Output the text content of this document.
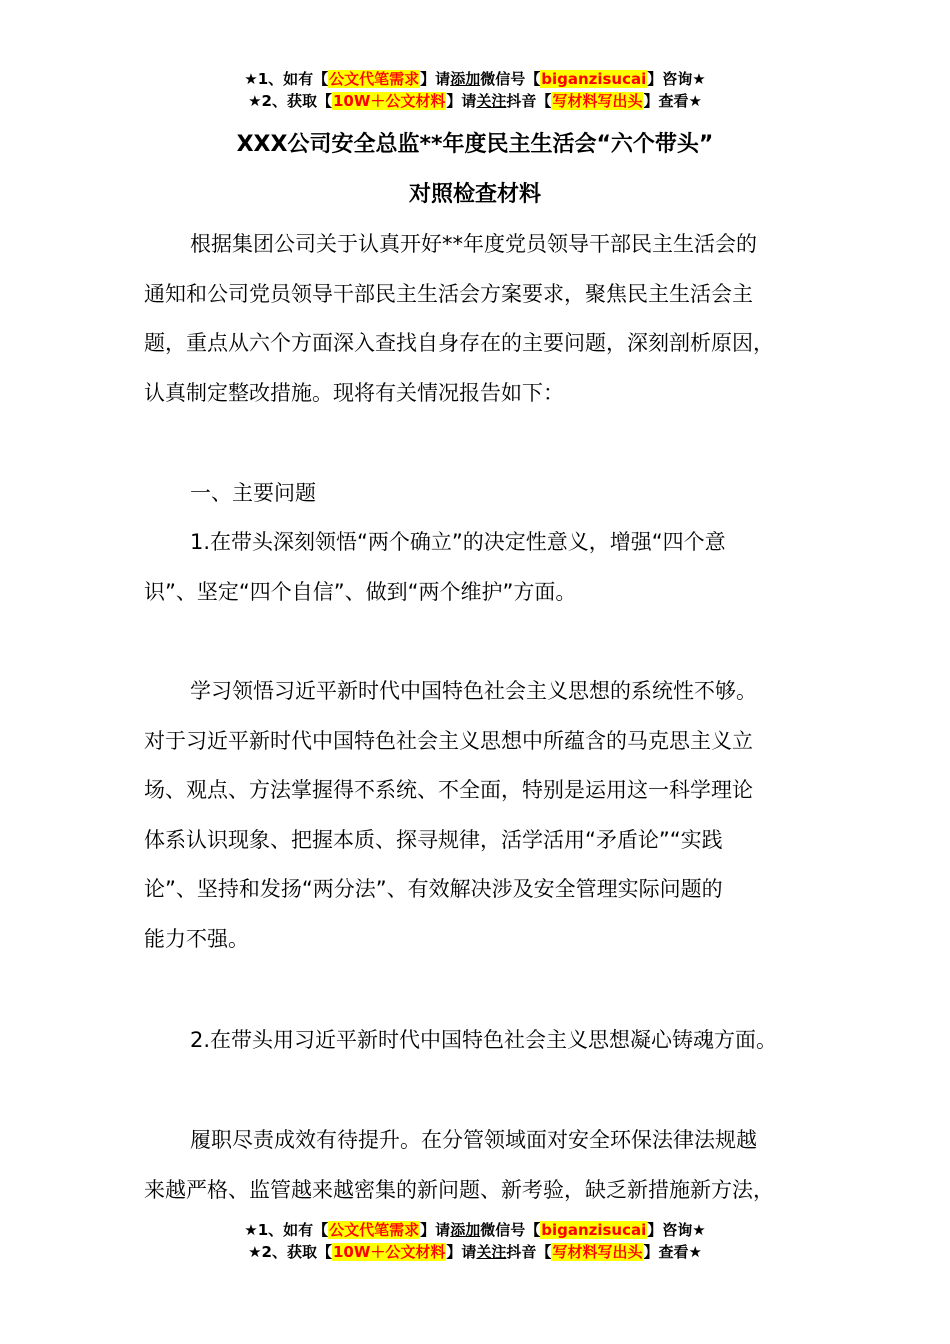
★1、如有【公文代笔需求】请添加微信号【biganzisucai】咨询★
★2、获取【10W＋公文材料】请关注抖音【写材料写出头】查看★
XXX公司安全总监**年度民主生活会“六个带头”
对照检查材料

根据集团公司关于认真开好**年度党员领导干部民主生活会的
通知和公司党员领导干部民主生活会方案要求，聚焦民主生活会主
题，重点从六个方面深入查找自身存在的主要问题，深刻剖析原因，
认真制定整改措施。现将有关情况报告如下：

一、主要问题

1.在带头深刻领悟“两个确立”的决定性意义，增强“四个意
识”、坚定“四个自信”、做到“两个维护”方面。

学习领悟习近平新时代中国特色社会主义思想的系统性不够。
对于习近平新时代中国特色社会主义思想中所蕴含的马克思主义立
场、观点、方法掌握得不系统、不全面，特别是运用这一科学理论
体系认识现象、把握本质、探寻规律，活学活用“矛盾论”“实践
论”、坚持和发扬“两分法”、有效解决涉及安全管理实际问题的
能力不强。

2.在带头用习近平新时代中国特色社会主义思想凝心铸魂方面。

履职尽责成效有待提升。在分管领域面对安全环保法律法规越
来越严格、监管越来越密集的新问题、新考验，缺乏新措施新方法，

★1、如有【公文代笔需求】请添加微信号【biganzisucai】咨询★
★2、获取【10W＋公文材料】请关注抖音【写材料写出头】查看★
